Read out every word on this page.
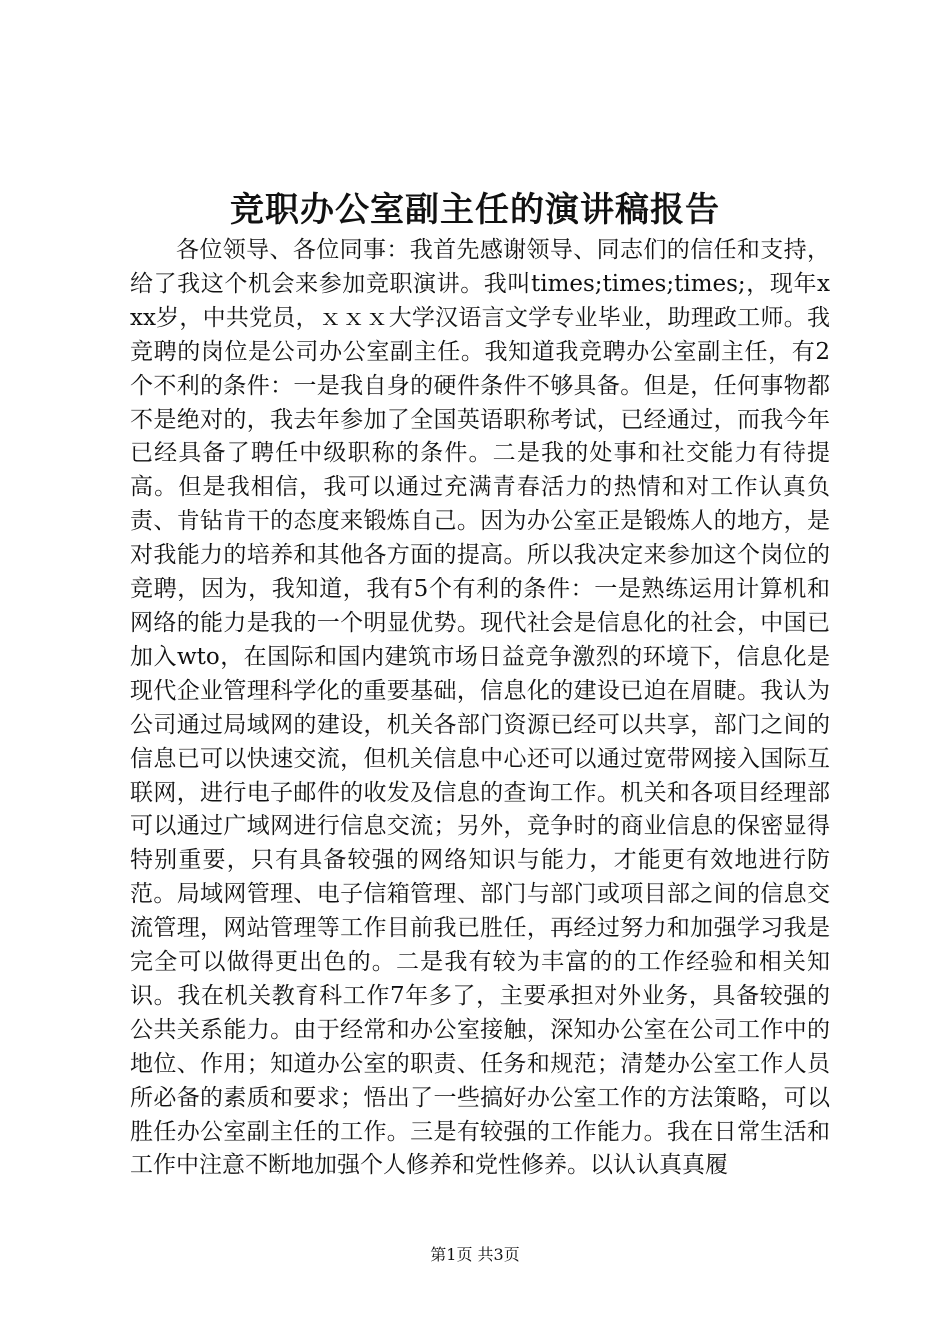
竞职办公室副主任的演讲稿报告

各位领导、各位同事：我首先感谢领导、同志们的信任和支持，给了我这个机会来参加竞职演讲。我叫times;times;times;，现年xxx岁，中共党员，ｘｘｘ大学汉语言文学专业毕业，助理政工师。我竞聘的岗位是公司办公室副主任。我知道我竞聘办公室副主任，有2个不利的条件：一是我自身的硬件条件不够具备。但是，任何事物都不是绝对的，我去年参加了全国英语职称考试，已经通过，而我今年已经具备了聘任中级职称的条件。二是我的处事和社交能力有待提高。但是我相信，我可以通过充满青春活力的热情和对工作认真负责、肯钻肯干的态度来锻炼自己。因为办公室正是锻炼人的地方，是对我能力的培养和其他各方面的提高。所以我决定来参加这个岗位的竞聘，因为，我知道，我有5个有利的条件：一是熟练运用计算机和网络的能力是我的一个明显优势。现代社会是信息化的社会，中国已加入wto，在国际和国内建筑市场日益竞争激烈的环境下，信息化是现代企业管理科学化的重要基础，信息化的建设已迫在眉睫。我认为公司通过局域网的建设，机关各部门资源已经可以共享，部门之间的信息已可以快速交流，但机关信息中心还可以通过宽带网接入国际互联网，进行电子邮件的收发及信息的查询工作。机关和各项目经理部可以通过广域网进行信息交流；另外，竞争时的商业信息的保密显得特别重要，只有具备较强的网络知识与能力，才能更有效地进行防范。局域网管理、电子信箱管理、部门与部门或项目部之间的信息交流管理，网站管理等工作目前我已胜任，再经过努力和加强学习我是完全可以做得更出色的。二是我有较为丰富的的工作经验和相关知识。我在机关教育科工作7年多了，主要承担对外业务，具备较强的公共关系能力。由于经常和办公室接触，深知办公室在公司工作中的地位、作用；知道办公室的职责、任务和规范；清楚办公室工作人员所必备的素质和要求；悟出了一些搞好办公室工作的方法策略，可以胜任办公室副主任的工作。三是有较强的工作能力。我在日常生活和工作中注意不断地加强个人修养和党性修养。以认认真真履

第1页 共3页
